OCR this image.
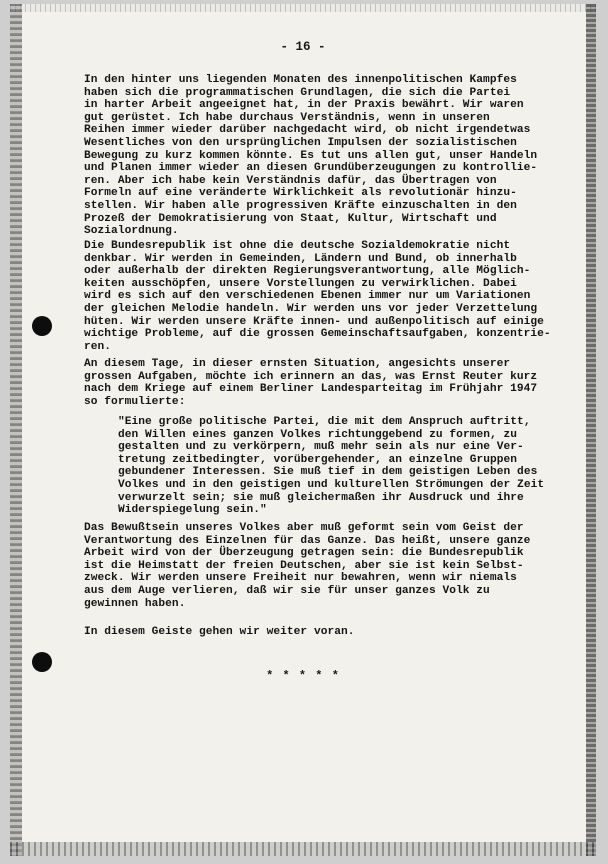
- 16 -
In den hinter uns liegenden Monaten des innenpolitischen Kampfes
haben sich die programmatischen Grundlagen, die sich die Partei
in harter Arbeit angeeignet hat, in der Praxis bewährt. Wir waren
gut gerüstet. Ich habe durchaus Verständnis, wenn in unseren
Reihen immer wieder darüber nachgedacht wird, ob nicht irgendetwas
Wesentliches von den ursprünglichen Impulsen der sozialistischen
Bewegung zu kurz kommen könnte. Es tut uns allen gut, unser Handeln
und Planen immer wieder an diesen Grundüberzeugungen zu kontrollie-
ren. Aber ich habe kein Verständnis dafür, das Übertragen von
Formeln auf eine veränderte Wirklichkeit als revolutionär hinzu-
stellen. Wir haben alle progressiven Kräfte einzuschalten in den
Prozeß der Demokratisierung von Staat, Kultur, Wirtschaft und
Sozialordnung.
Die Bundesrepublik ist ohne die deutsche Sozialdemokratie nicht
denkbar. Wir werden in Gemeinden, Ländern und Bund, ob innerhalb
oder außerhalb der direkten Regierungsverantwortung, alle Möglich-
keiten ausschöpfen, unsere Vorstellungen zu verwirklichen. Dabei
wird es sich auf den verschiedenen Ebenen immer nur um Variationen
der gleichen Melodie handeln. Wir werden uns vor jeder Verzettelung
hüten. Wir werden unsere Kräfte innen- und außenpolitisch auf einige
wichtige Probleme, auf die grossen Gemeinschaftsaufgaben, konzentrie-
ren.
An diesem Tage, in dieser ernsten Situation, angesichts unserer
grossen Aufgaben, möchte ich erinnern an das, was Ernst Reuter kurz
nach dem Kriege auf einem Berliner Landesparteitag im Frühjahr 1947
so formulierte:
"Eine große politische Partei, die mit dem Anspruch auftritt,
den Willen eines ganzen Volkes richtunggebend zu formen, zu
gestalten und zu verkörpern, muß mehr sein als nur eine Ver-
tretung zeitbedingter, vorübergehender, an einzelne Gruppen
gebundener Interessen. Sie muß tief in dem geistigen Leben des
Volkes und in den geistigen und kulturellen Strömungen der Zeit
verwurzelt sein; sie muß gleichermaßen ihr Ausdruck und ihre
Widerspiegelung sein."
Das Bewußtsein unseres Volkes aber muß geformt sein vom Geist der
Verantwortung des Einzelnen für das Ganze. Das heißt, unsere ganze
Arbeit wird von der Überzeugung getragen sein: die Bundesrepublik
ist die Heimstatt der freien Deutschen, aber sie ist kein Selbst-
zweck. Wir werden unsere Freiheit nur bewahren, wenn wir niemals
aus dem Auge verlieren, daß wir sie für unser ganzes Volk zu
gewinnen haben.
In diesem Geiste gehen wir weiter voran.
* * * * *
